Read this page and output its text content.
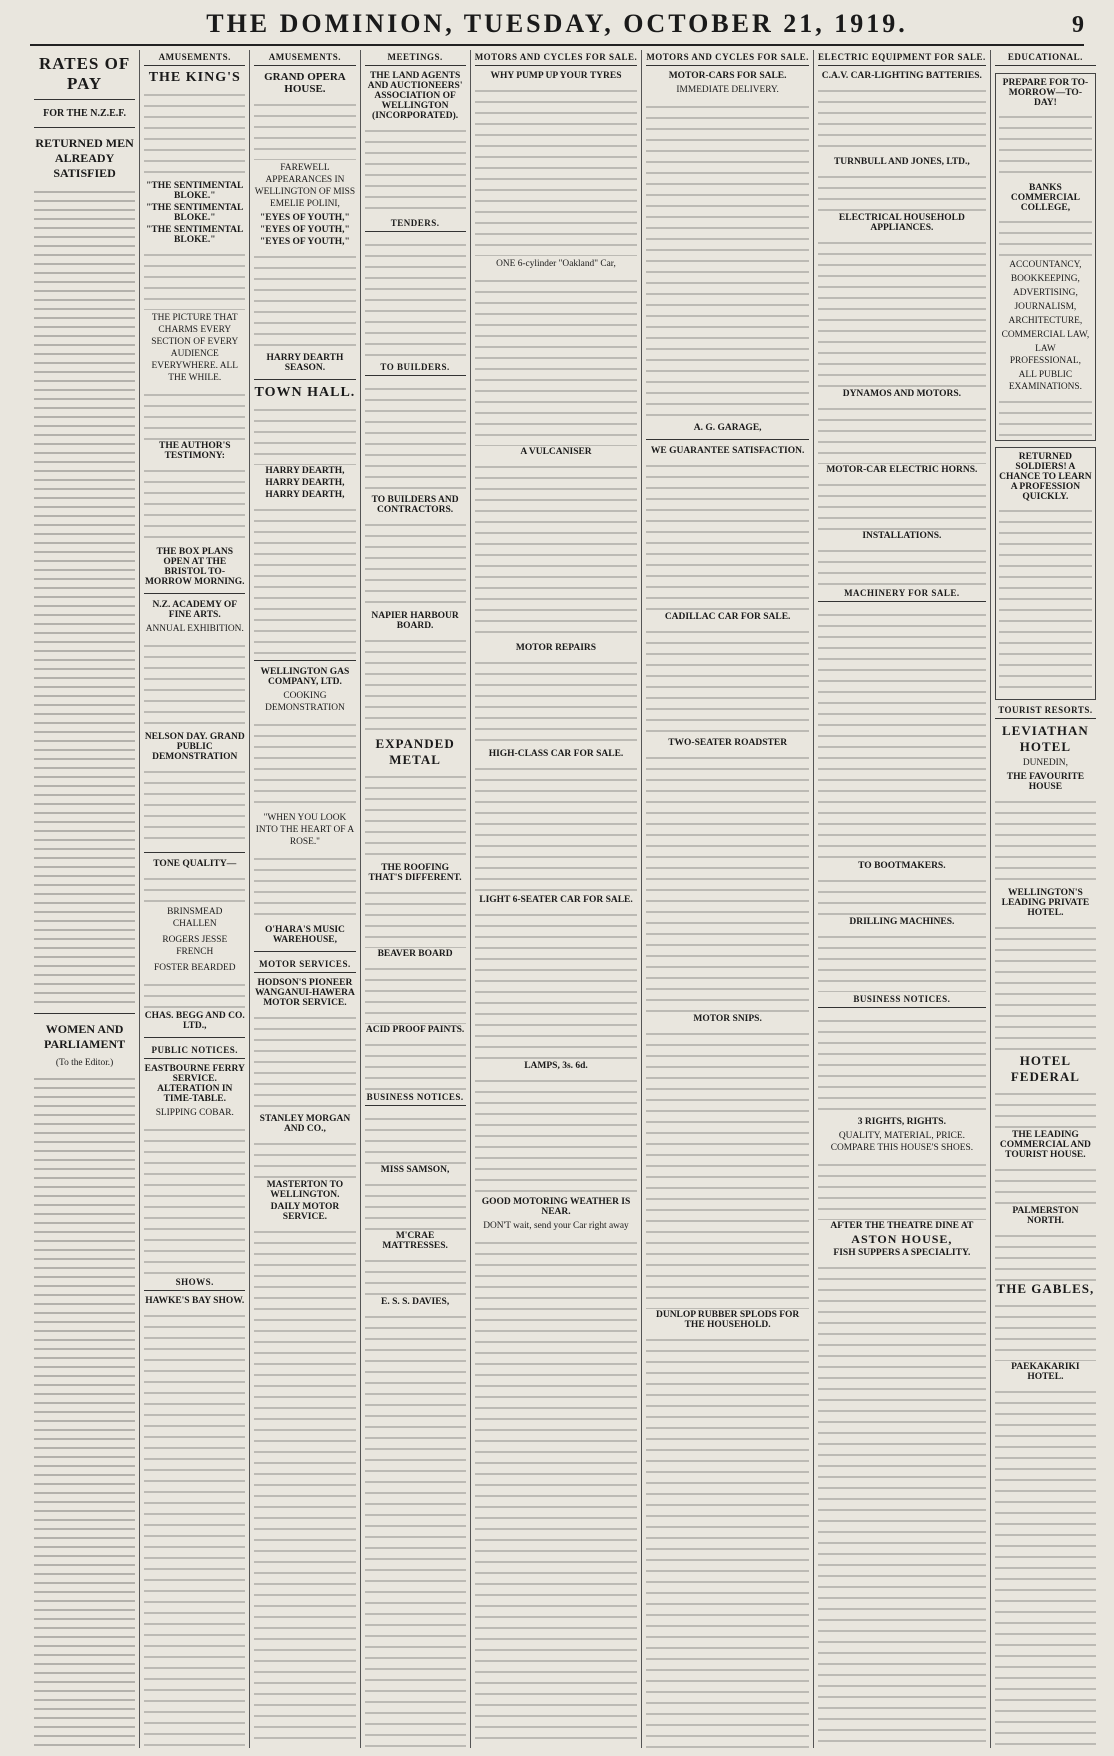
THE DOMINION, TUESDAY, OCTOBER 21, 1919.	9
RATES OF PAY
FOR THE N.Z.E.F.
RETURNED MEN ALREADY SATISFIED
WOMEN AND PARLIAMENT
(To the Editor.)
AMUSEMENTS.
THE KING'S
"THE SENTIMENTAL BLOKE."
"THE SENTIMENTAL BLOKE."
"THE SENTIMENTAL BLOKE."
THE PICTURE THAT CHARMS EVERY SECTION OF EVERY AUDIENCE EVERYWHERE. ALL THE WHILE.
THE AUTHOR'S TESTIMONY:
THE BOX PLANS OPEN AT THE BRISTOL TO-MORROW MORNING.
N.Z. ACADEMY OF FINE ARTS.
ANNUAL EXHIBITION.
NELSON DAY. GRAND PUBLIC DEMONSTRATION
TONE QUALITY—
BRINSMEAD CHALLEN
ROGERS JESSE FRENCH
FOSTER BEARDED
CHAS. BEGG AND CO. LTD.,
PUBLIC NOTICES.
EASTBOURNE FERRY SERVICE. ALTERATION IN TIME-TABLE.
SLIPPING COBAR.
SHOWS.
HAWKE'S BAY SHOW.
AMUSEMENTS.
GRAND OPERA HOUSE.
FAREWELL APPEARANCES IN WELLINGTON OF MISS EMELIE POLINI,
"EYES OF YOUTH,"
"EYES OF YOUTH,"
"EYES OF YOUTH,"
HARRY DEARTH SEASON.
TOWN HALL.
HARRY DEARTH,
HARRY DEARTH,
HARRY DEARTH,
WELLINGTON GAS COMPANY, LTD.
COOKING DEMONSTRATION
"WHEN YOU LOOK INTO THE HEART OF A ROSE."
O'HARA'S MUSIC WAREHOUSE,
MOTOR SERVICES.
HODSON'S PIONEER WANGANUI-HAWERA MOTOR SERVICE.
STANLEY MORGAN AND CO.,
MASTERTON TO WELLINGTON.
DAILY MOTOR SERVICE.
MEETINGS.
THE LAND AGENTS AND AUCTIONEERS' ASSOCIATION OF WELLINGTON (INCORPORATED).
TENDERS.
TO BUILDERS.
TO BUILDERS AND CONTRACTORS.
NAPIER HARBOUR BOARD.
EXPANDED METAL
THE ROOFING THAT'S DIFFERENT.
BEAVER BOARD
ACID PROOF PAINTS.
BUSINESS NOTICES.
MISS SAMSON,
M'CRAE MATTRESSES.
E. S. S. DAVIES,
MOTORS AND CYCLES FOR SALE.
WHY PUMP UP YOUR TYRES
ONE 6-cylinder "Oakland" Car,
A VULCANISER
MOTOR REPAIRS
HIGH-CLASS CAR FOR SALE.
LIGHT 6-SEATER CAR FOR SALE.
LAMPS, 3s. 6d.
GOOD MOTORING WEATHER IS NEAR.
DON'T wait, send your Car right away
MOTORS AND CYCLES FOR SALE.
MOTOR-CARS FOR SALE.
IMMEDIATE DELIVERY.
A. G. GARAGE,
WE GUARANTEE SATISFACTION.
CADILLAC CAR FOR SALE.
TWO-SEATER ROADSTER
MOTOR SNIPS.
DUNLOP RUBBER SPLODS FOR THE HOUSEHOLD.
ELECTRIC EQUIPMENT FOR SALE.
C.A.V. CAR-LIGHTING BATTERIES.
TURNBULL AND JONES, LTD.,
ELECTRICAL HOUSEHOLD APPLIANCES.
DYNAMOS AND MOTORS.
MOTOR-CAR ELECTRIC HORNS.
INSTALLATIONS.
MACHINERY FOR SALE.
TO BOOTMAKERS.
DRILLING MACHINES.
BUSINESS NOTICES.
3 RIGHTS, RIGHTS.
QUALITY, MATERIAL, PRICE. COMPARE THIS HOUSE'S SHOES.
AFTER THE THEATRE DINE AT
ASTON HOUSE,
FISH SUPPERS A SPECIALITY.
EDUCATIONAL.
PREPARE FOR TO-MORROW—TO-DAY!
BANKS COMMERCIAL COLLEGE,
ACCOUNTANCY,
BOOKKEEPING,
ADVERTISING,
JOURNALISM,
ARCHITECTURE,
COMMERCIAL LAW,
LAW PROFESSIONAL,
ALL PUBLIC EXAMINATIONS.
RETURNED SOLDIERS! A CHANCE TO LEARN A PROFESSION QUICKLY.
TOURIST RESORTS.
LEVIATHAN HOTEL
DUNEDIN,
THE FAVOURITE HOUSE
WELLINGTON'S LEADING PRIVATE HOTEL.
HOTEL FEDERAL
THE LEADING COMMERCIAL AND TOURIST HOUSE.
PALMERSTON NORTH.
THE GABLES,
PAEKAKARIKI HOTEL.
